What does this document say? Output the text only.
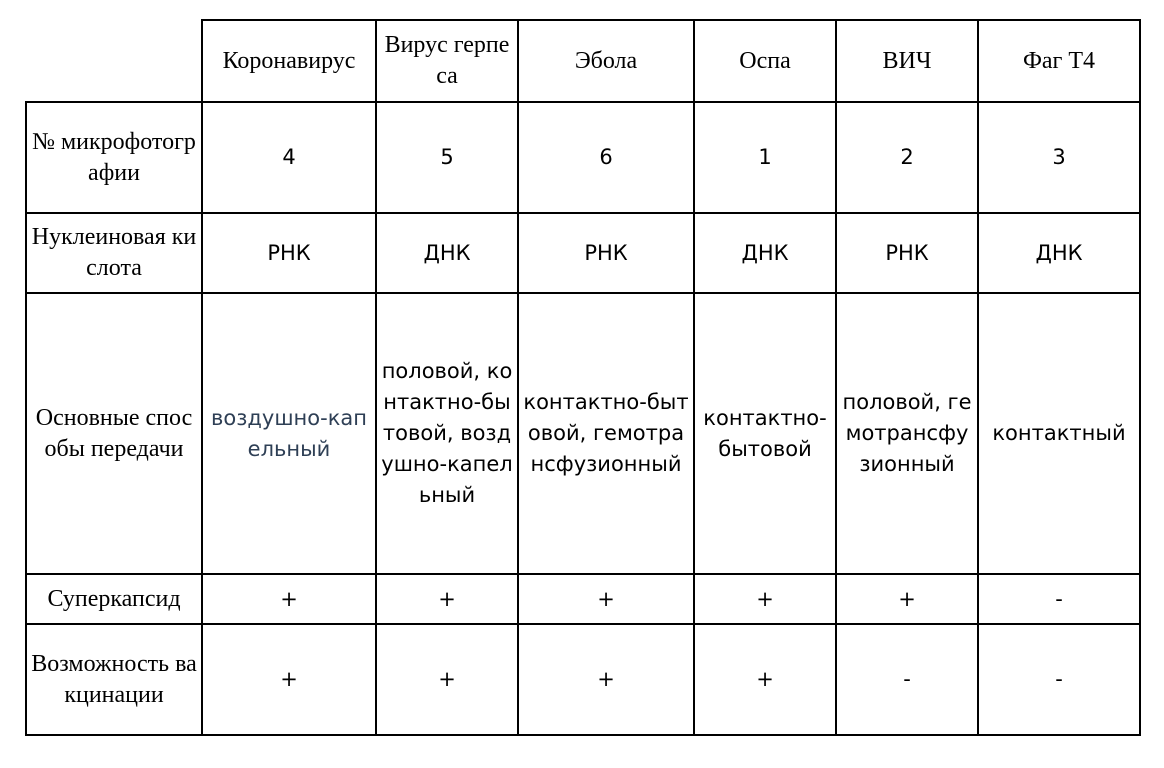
	Коронавирус	Вирус герпеса	Эбола	Оспа	ВИЧ	Фаг Т4
№ микрофотографии	4	5	6	1	2	3
Нуклеиновая кислота	РНК	ДНК	РНК	ДНК	РНК	ДНК
Основные способы передачи	воздушно-капельный	половой, контактно-бытовой, воздушно-капельный	контактно-бытовой, гемотрансфузионный	контактно-бытовой	половой, гемотрансфузионный	контактный
Суперкапсид	+	+	+	+	+	-
Возможность вакцинации	+	+	+	+	-	-
